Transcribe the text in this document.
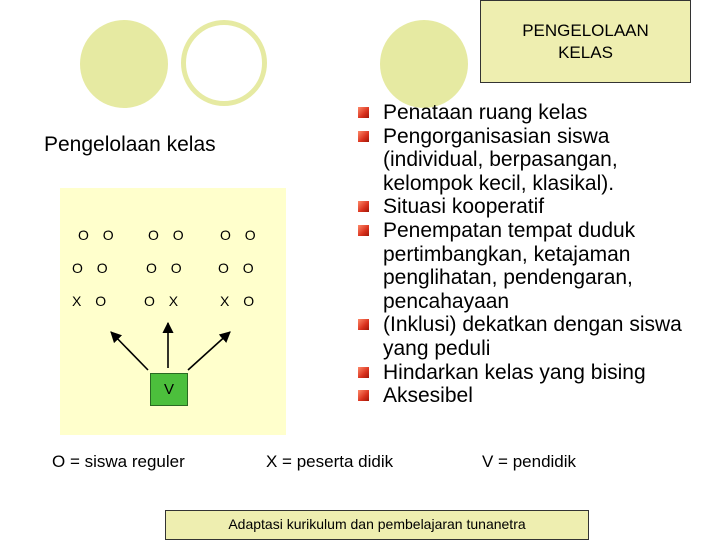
PENGELOLAAN
KELAS
Pengelolaan kelas
O O O O O O
O O O O O O
X O O X	X O
V
Penataan ruang kelas
Pengorganisasian siswa (individual, berpasangan, kelompok kecil, klasikal).
Situasi kooperatif
Penempatan tempat duduk pertimbangkan, ketajaman penglihatan, pendengaran, pencahayaan
(Inklusi) dekatkan dengan siswa yang peduli
Hindarkan kelas yang bising
Aksesibel
O = siswa reguler	X = peserta didik	V = pendidik
Adaptasi kurikulum dan pembelajaran tunanetra
